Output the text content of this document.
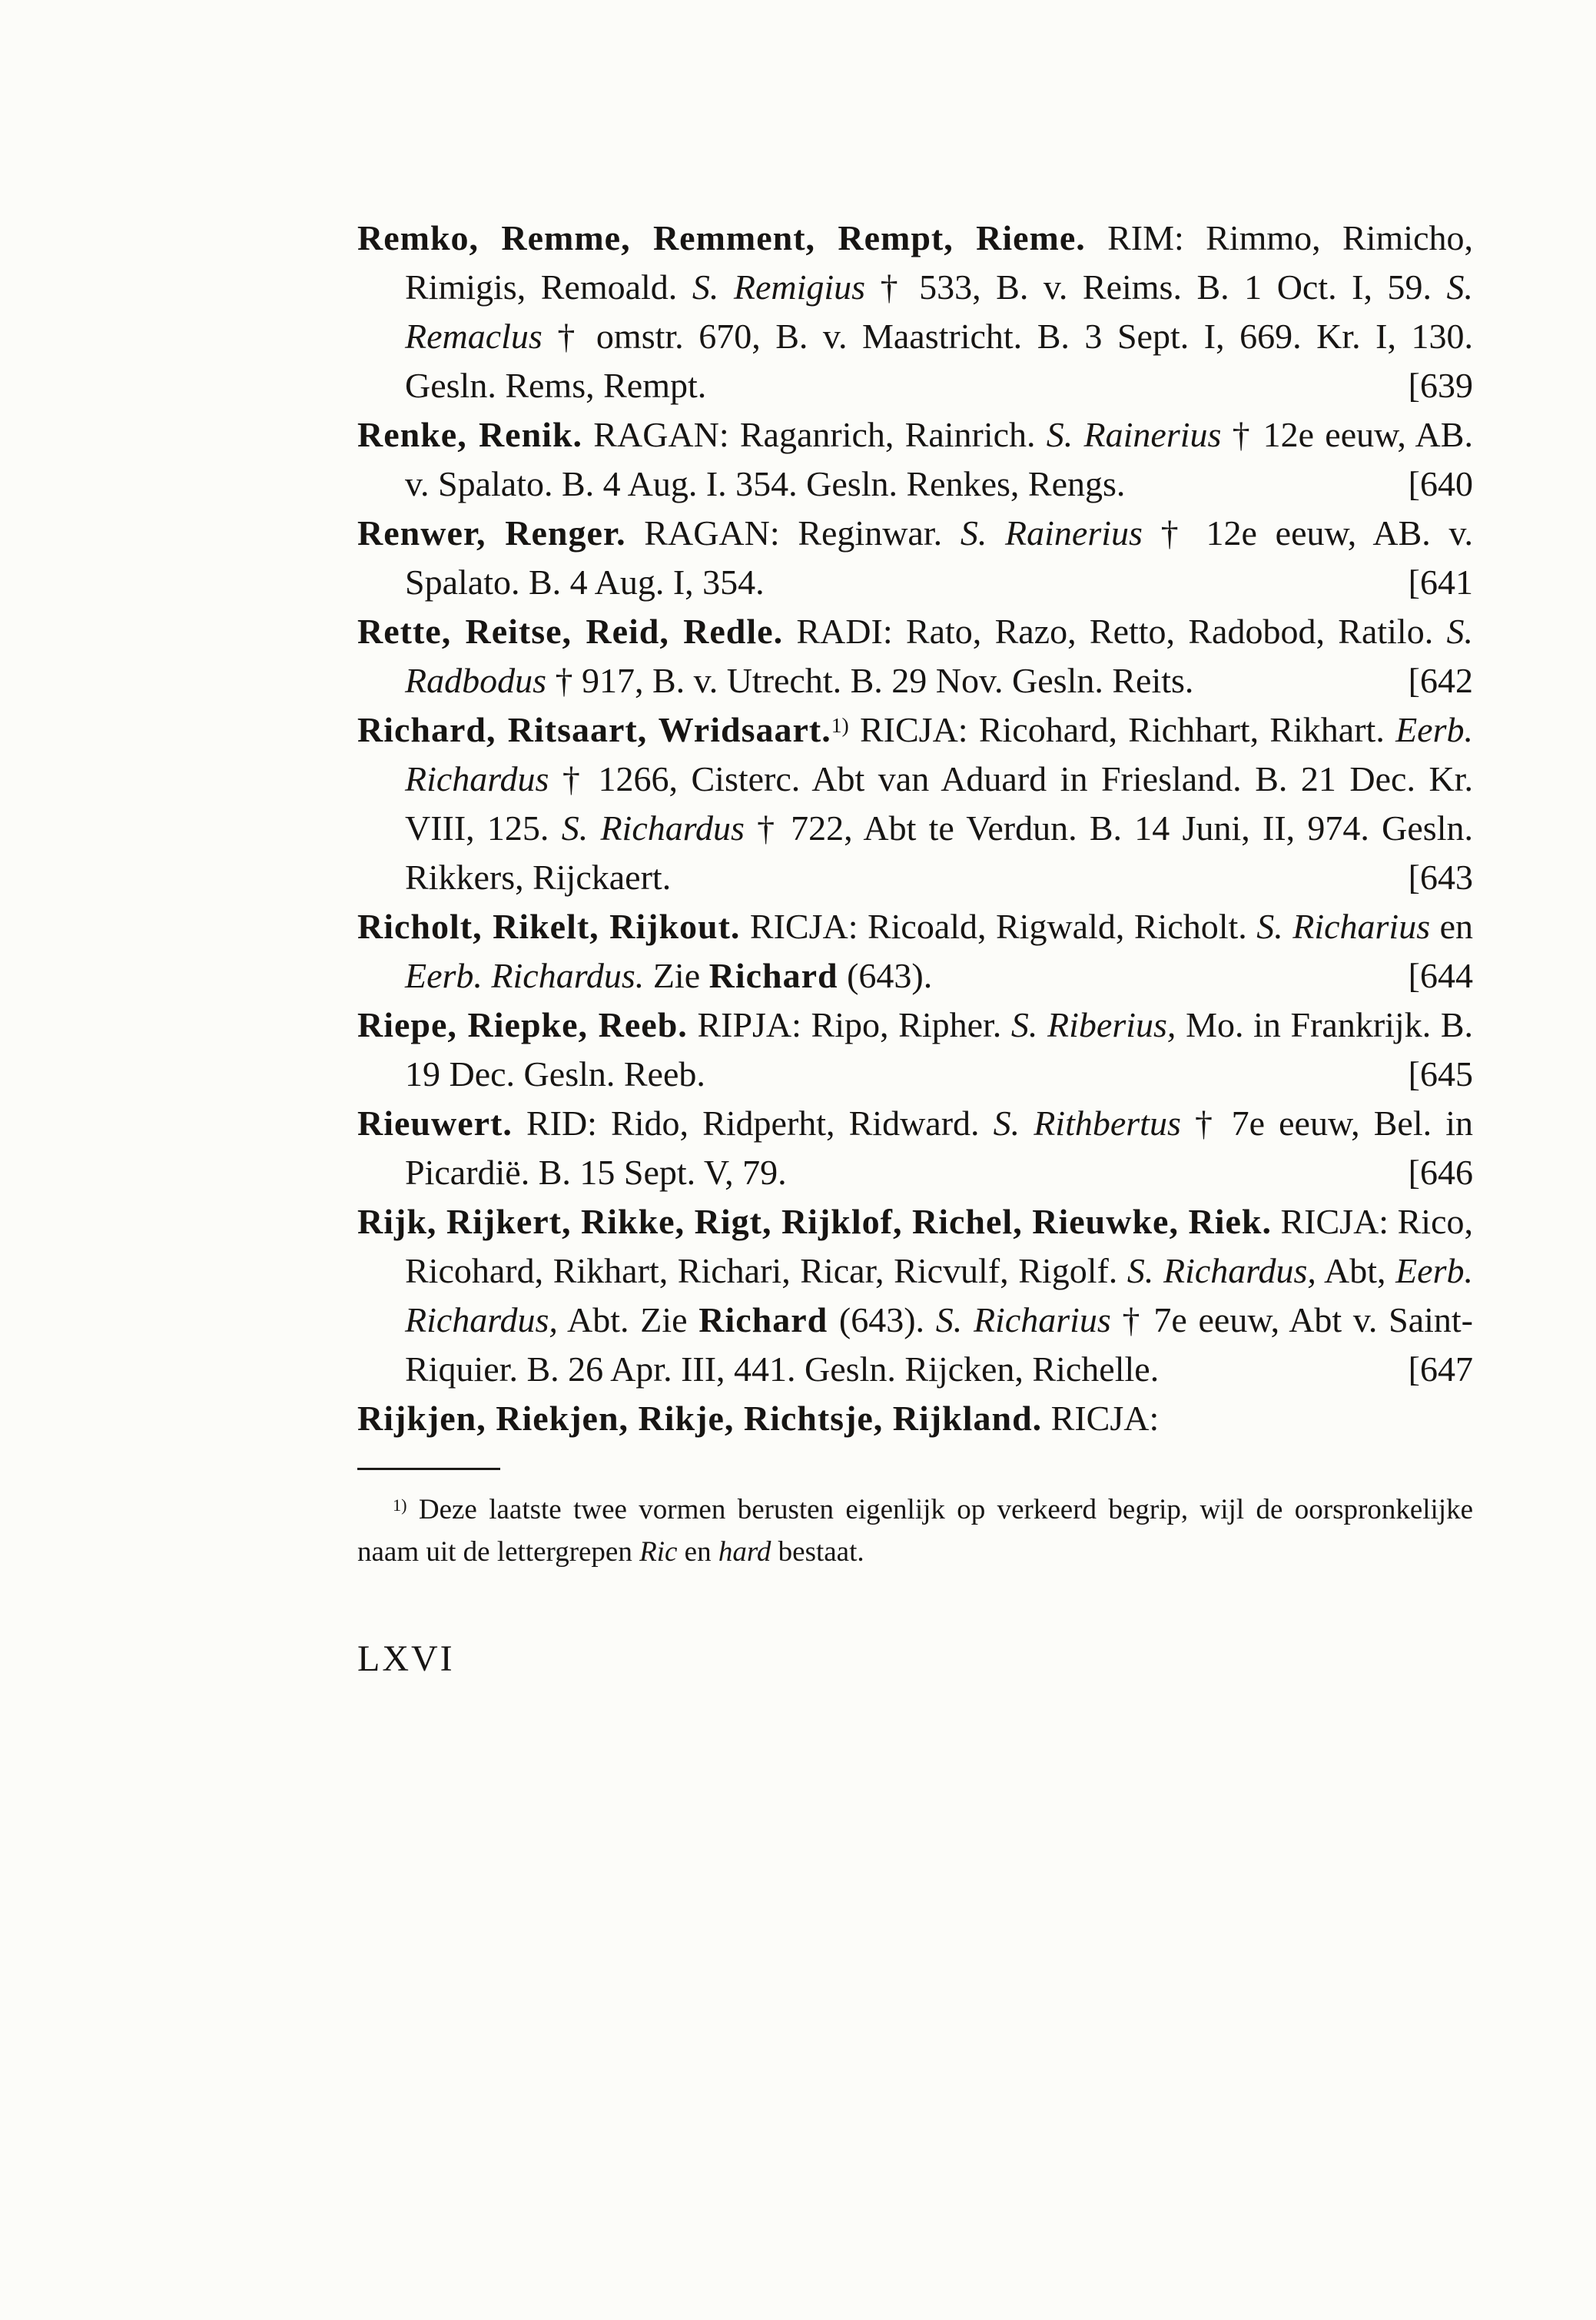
Remko, Remme, Remment, Rempt, Rieme. RIM: Rimmo, Rimicho, Rimigis, Remoald. S. Remigius † 533, B. v. Reims. B. 1 Oct. I, 59. S. Remaclus † omstr. 670, B. v. Maastricht. B. 3 Sept. I, 669. Kr. I, 130. Gesln. Rems, Rempt.	[639

Renke, Renik. RAGAN: Raganrich, Rainrich. S. Rainerius † 12e eeuw, AB. v. Spalato. B. 4 Aug. I. 354. Gesln. Renkes, Rengs.	[640

Renwer, Renger. RAGAN: Reginwar. S. Rainerius † 12e eeuw, AB. v. Spalato. B. 4 Aug. I, 354.	[641

Rette, Reitse, Reid, Redle. RADI: Rato, Razo, Retto, Radobod, Ratilo. S. Radbodus † 917, B. v. Utrecht. B. 29 Nov. Gesln. Reits.	[642

Richard, Ritsaart, Wridsaart.$^{1)}$ RICJA: Ricohard, Richhart, Rikhart. Eerb. Richardus † 1266, Cisterc. Abt van Aduard in Friesland. B. 21 Dec. Kr. VIII, 125. S. Richardus † 722, Abt te Verdun. B. 14 Juni, II, 974. Gesln. Rikkers, Rijckaert.	[643

Richolt, Rikelt, Rijkout. RICJA: Ricoald, Rigwald, Richolt. S. Richarius en Eerb. Richardus. Zie Richard (643).	[644

Riepe, Riepke, Reeb. RIPJA: Ripo, Ripher. S. Riberius, Mo. in Frankrijk. B. 19 Dec. Gesln. Reeb.	[645

Rieuwert. RID: Rido, Ridperht, Ridward. S. Rithbertus † 7e eeuw, Bel. in Picardië. B. 15 Sept. V, 79.	[646

Rijk, Rijkert, Rikke, Rigt, Rijklof, Richel, Rieuwke, Riek. RICJA: Rico, Ricohard, Rikhart, Richari, Ricar, Ricvulf, Rigolf. S. Richardus, Abt, Eerb. Richardus, Abt. Zie Richard (643). S. Richarius † 7e eeuw, Abt v. Saint-Riquier. B. 26 Apr. III, 441. Gesln. Rijcken, Richelle.	[647

Rijkjen, Riekjen, Rikje, Richtsje, Rijkland. RICJA:

$^{1)}$ Deze laatste twee vormen berusten eigenlijk op verkeerd begrip, wijl de oorspronkelijke naam uit de lettergrepen Ric en hard bestaat.

LXVI
